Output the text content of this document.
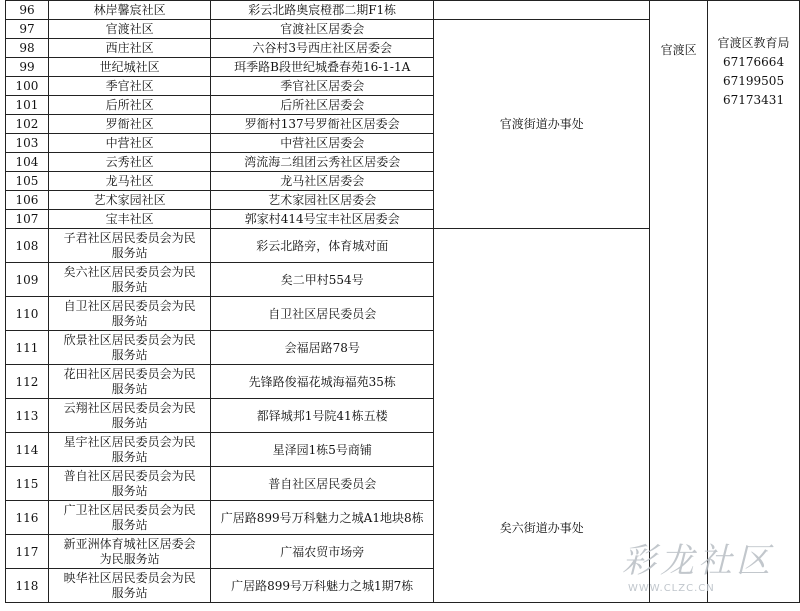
96	林岸馨宸社区	彩云北路奥宸橙郡二期F1栋		官渡区	官渡区教育局
67176664
67199505
67173431

97	官渡社区	官渡社区居委会	官渡街道办事处		
98	西庄社区	六谷村3号西庄社区居委会			
99	世纪城社区	珥季路B段世纪城叠春苑16-1-1A			
100	季官社区	季官社区居委会			
101	后所社区	后所社区居委会			
102	罗衙社区	罗衙村137号罗衙社区居委会			
103	中营社区	中营社区居委会			
104	云秀社区	湾流海二组团云秀社区居委会			
105	龙马社区	龙马社区居委会			
106	艺术家园社区	艺术家园社区居委会			
107	宝丰社区	郭家村414号宝丰社区居委会			
108	子君社区居民委员会为民
服务站	彩云北路旁，体育城对面	矣六街道办事处		
109	矣六社区居民委员会为民
服务站	矣二甲村554号			
110	自卫社区居民委员会为民
服务站	自卫社区居民委员会			
111	欣景社区居民委员会为民
服务站	会福居路78号			
112	花田社区居民委员会为民
服务站	先锋路俊福花城海福苑35栋			
113	云翔社区居民委员会为民
服务站	都铎城邦1号院41栋五楼			
114	星宇社区居民委员会为民
服务站	星泽园1栋5号商铺			
115	普自社区居民委员会为民
服务站	普自社区居民委员会			
116	广卫社区居民委员会为民
服务站	广居路899号万科魅力之城A1地块8栋			
117	新亚洲体育城社区居委会
为民服务站	广福农贸市场旁			
118	映华社区居民委员会为民
服务站	广居路899号万科魅力之城1期7栋			
彩龙社区
WWW.CLZC.CN
